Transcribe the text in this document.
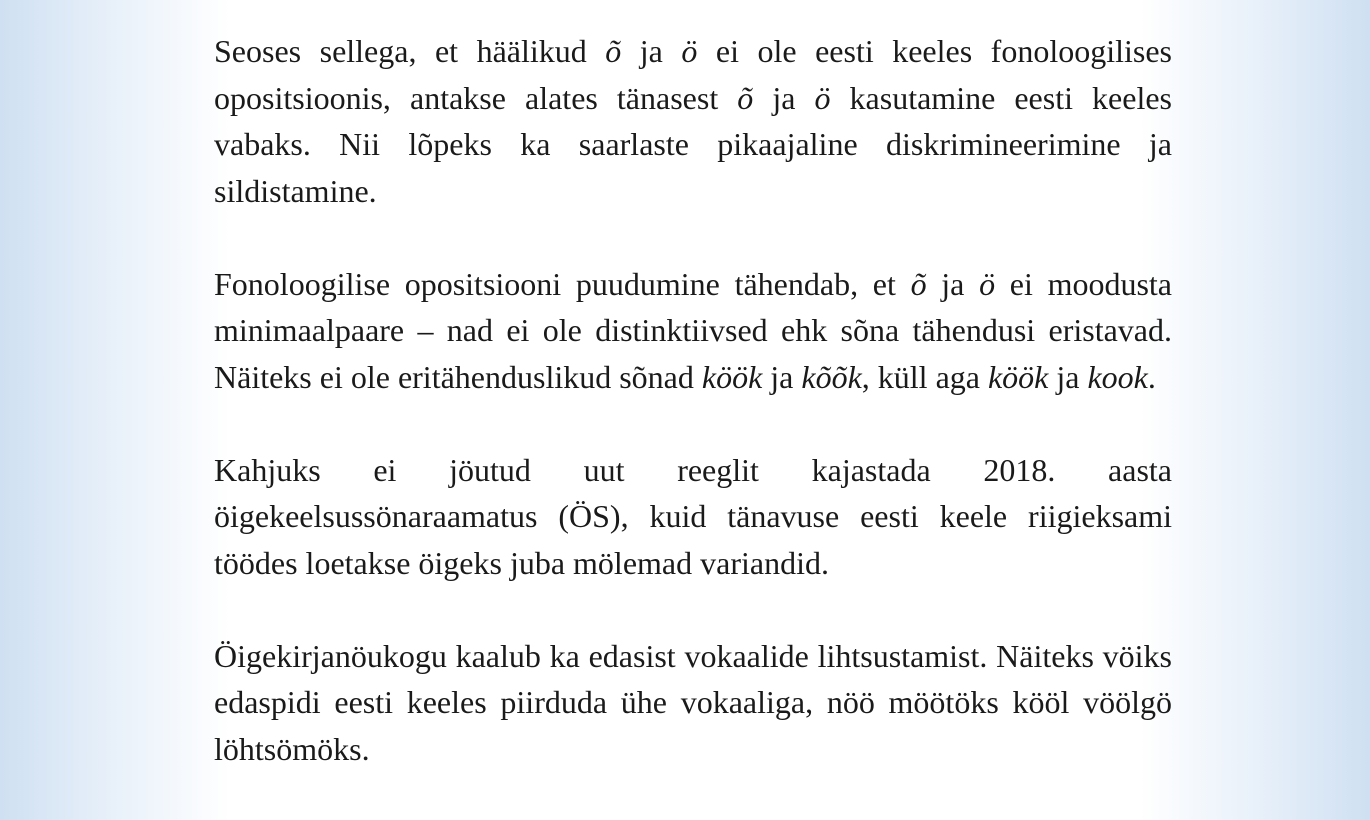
Seoses sellega, et häälikud õ ja ö ei ole eesti keeles fonoloogilises opositsioonis, antakse alates tänasest õ ja ö kasutamine eesti keeles vabaks. Nii lõpeks ka saarlaste pikaajaline diskrimineerimine ja sildistamine.

Fonoloogilise opositsiooni puudumine tähendab, et õ ja ö ei moodusta minimaalpaare – nad ei ole distinktiivsed ehk sõna tähendusi eristavad. Näiteks ei ole eritähenduslikud sõnad köök ja kõõk, küll aga köök ja kook.

Kahjuks ei jöutud uut reeglit kajastada 2018. aasta öigekeelsussönaraamatus (ÖS), kuid tänavuse eesti keele riigieksami töödes loetakse öigeks juba mölemad variandid.

Öigekirjanöukogu kaalub ka edasist vokaalide lihtsustamist. Näiteks vöiks edaspidi eesti keeles piirduda ühe vokaaliga, nöö möötöks kööl vöölgö löhtsömöks.
